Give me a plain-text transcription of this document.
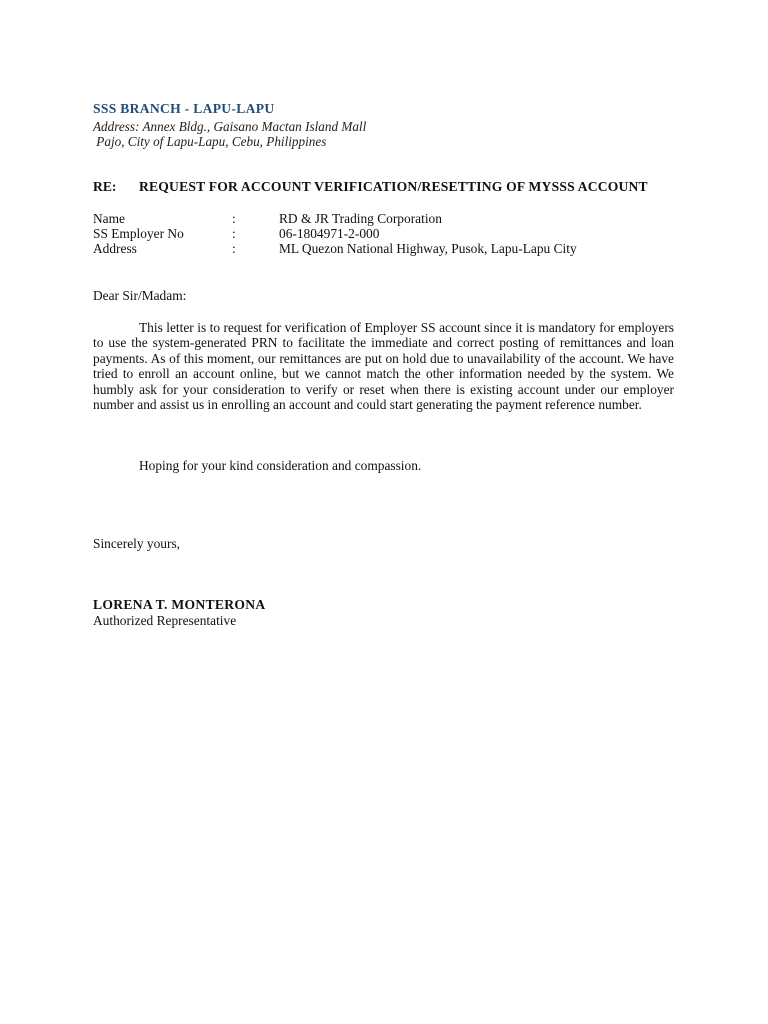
SSS BRANCH - LAPU-LAPU
Address: Annex Bldg., Gaisano Mactan Island Mall
Pajo, City of Lapu-Lapu, Cebu, Philippines
RE: REQUEST FOR ACCOUNT VERIFICATION/RESETTING OF MYSSS ACCOUNT
Name	:	RD & JR Trading Corporation
SS Employer No	:	06-1804971-2-000
Address	:	ML Quezon National Highway, Pusok, Lapu-Lapu City
Dear Sir/Madam:

This letter is to request for verification of Employer SS account since it is mandatory for employers to use the system-generated PRN to facilitate the immediate and correct posting of remittances and loan payments. As of this moment, our remittances are put on hold due to unavailability of the account. We have tried to enroll an account online, but we cannot match the other information needed by the system. We humbly ask for your consideration to verify or reset when there is existing account under our employer number and assist us in enrolling an account and could start generating the payment reference number.

Hoping for your kind consideration and compassion.
Sincerely yours,
LORENA T. MONTERONA
Authorized Representative
